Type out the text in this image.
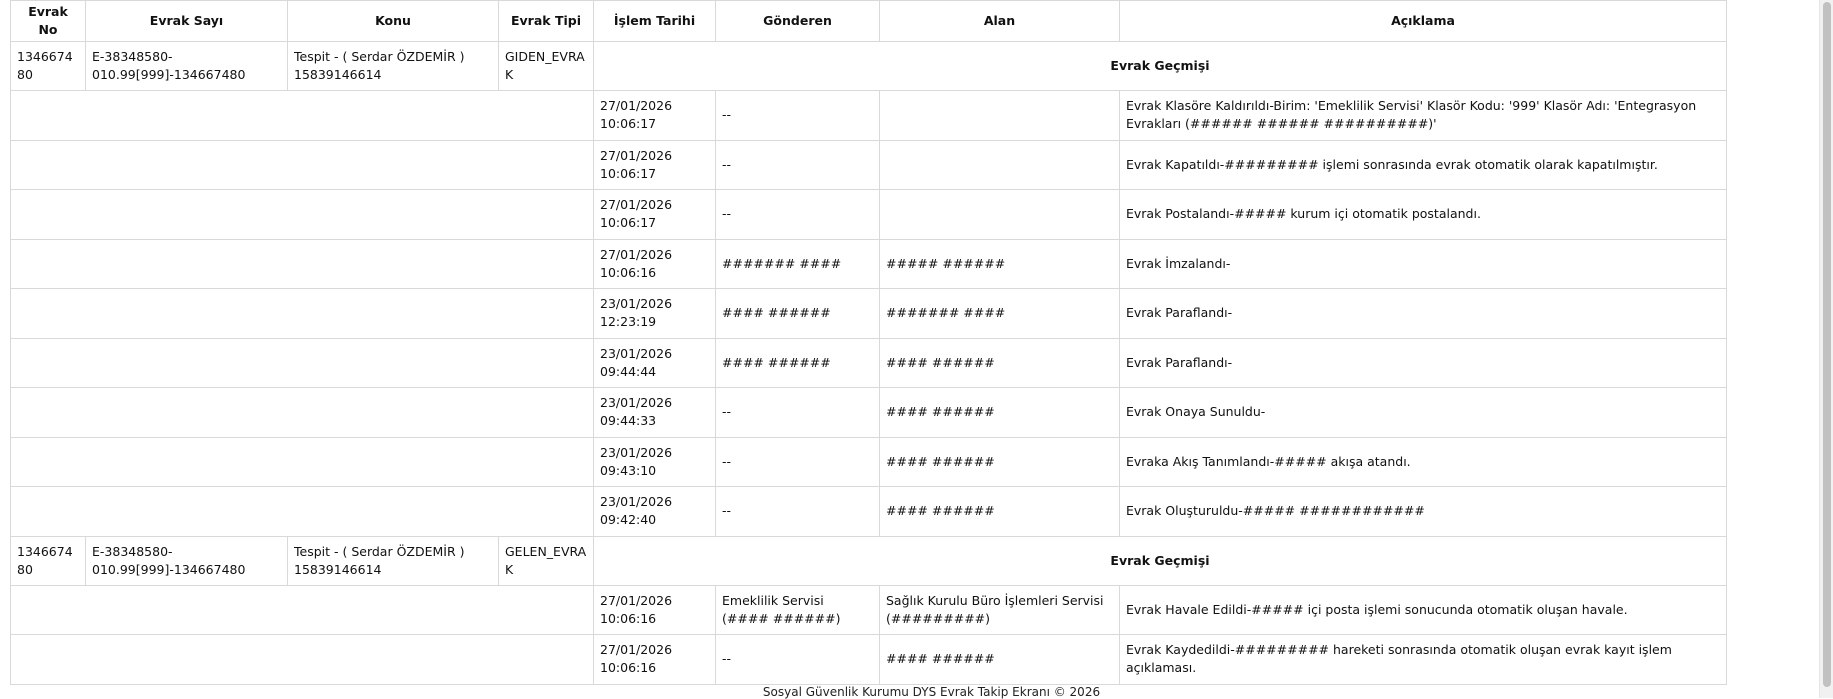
Evrak No	Evrak Sayı	Konu	Evrak Tipi	İşlem Tarihi	Gönderen	Alan	Açıklama
134667480	E-38348580-010.99[999]-134667480	Tespit - ( Serdar ÖZDEMİR ) 15839146614	GIDEN_EVRAK	Evrak Geçmişi			
				27/01/2026 10:06:17	--		Evrak Klasöre Kaldırıldı-Birim: 'Emeklilik Servisi' Klasör Kodu: '999' Klasör Adı: 'Entegrasyon Evrakları (###### ###### ##########)'
				27/01/2026 10:06:17	--		Evrak Kapatıldı-######### işlemi sonrasında evrak otomatik olarak kapatılmıştır.
				27/01/2026 10:06:17	--		Evrak Postalandı-##### kurum içi otomatik postalandı.
				27/01/2026 10:06:16	####### ####	##### ######	Evrak İmzalandı-
				23/01/2026 12:23:19	#### ######	####### ####	Evrak Paraflandı-
				23/01/2026 09:44:44	#### ######	#### ######	Evrak Paraflandı-
				23/01/2026 09:44:33	--	#### ######	Evrak Onaya Sunuldu-
				23/01/2026 09:43:10	--	#### ######	Evraka Akış Tanımlandı-##### akışa atandı.
				23/01/2026 09:42:40	--	#### ######	Evrak Oluşturuldu-##### ############
134667480	E-38348580-010.99[999]-134667480	Tespit - ( Serdar ÖZDEMİR ) 15839146614	GELEN_EVRAK	Evrak Geçmişi			
				27/01/2026 10:06:16	Emeklilik Servisi (#### ######)	Sağlık Kurulu Büro İşlemleri Servisi (#########)	Evrak Havale Edildi-##### içi posta işlemi sonucunda otomatik oluşan havale.
				27/01/2026 10:06:16	--	#### ######	Evrak Kaydedildi-######### hareketi sonrasında otomatik oluşan evrak kayıt işlem açıklaması.
Sosyal Güvenlik Kurumu DYS Evrak Takip Ekranı © 2026
